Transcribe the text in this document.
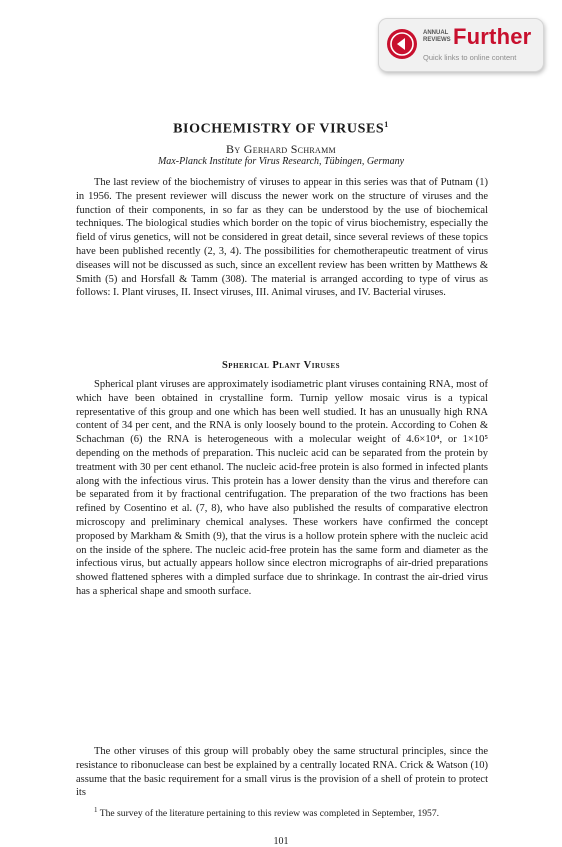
ANNUAL
REVIEWS Further
Quick links to online content
BIOCHEMISTRY OF VIRUSES$^1$
By Gerhard Schramm
Max-Planck Institute for Virus Research, Tübingen, Germany

The last review of the biochemistry of viruses to appear in this series was that of Putnam (1) in 1956. The present reviewer will discuss the newer work on the structure of viruses and the function of their components, in so far as they can be understood by the use of biochemical techniques. The biological studies which border on the topic of virus biochemistry, especially the field of virus genetics, will not be considered in great detail, since several reviews of these topics have been published recently (2, 3, 4). The possibilities for chemotherapeutic treatment of virus diseases will not be discussed as such, since an excellent review has been written by Matthews & Smith (5) and Horsfall & Tamm (308). The material is arranged according to type of virus as follows: I. Plant viruses, II. Insect viruses, III. Animal viruses, and IV. Bacterial viruses.

Spherical Plant Viruses

Spherical plant viruses are approximately isodiametric plant viruses containing RNA, most of which have been obtained in crystalline form. Turnip yellow mosaic virus is a typical representative of this group and one which has been well studied. It has an unusually high RNA content of 34 per cent, and the RNA is only loosely bound to the protein. According to Cohen & Schachman (6) the RNA is heterogeneous with a molecular weight of 4.6×10⁴, or 1×10⁵ depending on the methods of preparation. This nucleic acid can be separated from the protein by treatment with 30 per cent ethanol. The nucleic acid-free protein is also formed in infected plants along with the infectious virus. This protein has a lower density than the virus and therefore can be separated from it by fractional centrifugation. The preparation of the two fractions has been refined by Cosentino et al. (7, 8), who have also published the results of comparative electron microscopy and preliminary chemical analyses. These workers have confirmed the concept proposed by Markham & Smith (9), that the virus is a hollow protein sphere with the nucleic acid on the inside of the sphere. The nucleic acid-free protein has the same form and diameter as the infectious virus, but actually appears hollow since electron micrographs of air-dried preparations showed flattened spheres with a dimpled surface due to shrinkage. In contrast the air-dried virus has a spherical shape and smooth surface.

The other viruses of this group will probably obey the same structural principles, since the resistance to ribonuclease can best be explained by a centrally located RNA. Crick & Watson (10) assume that the basic requirement for a small virus is the provision of a shell of protein to protect its

$^1$ The survey of the literature pertaining to this review was completed in September, 1957.

101
